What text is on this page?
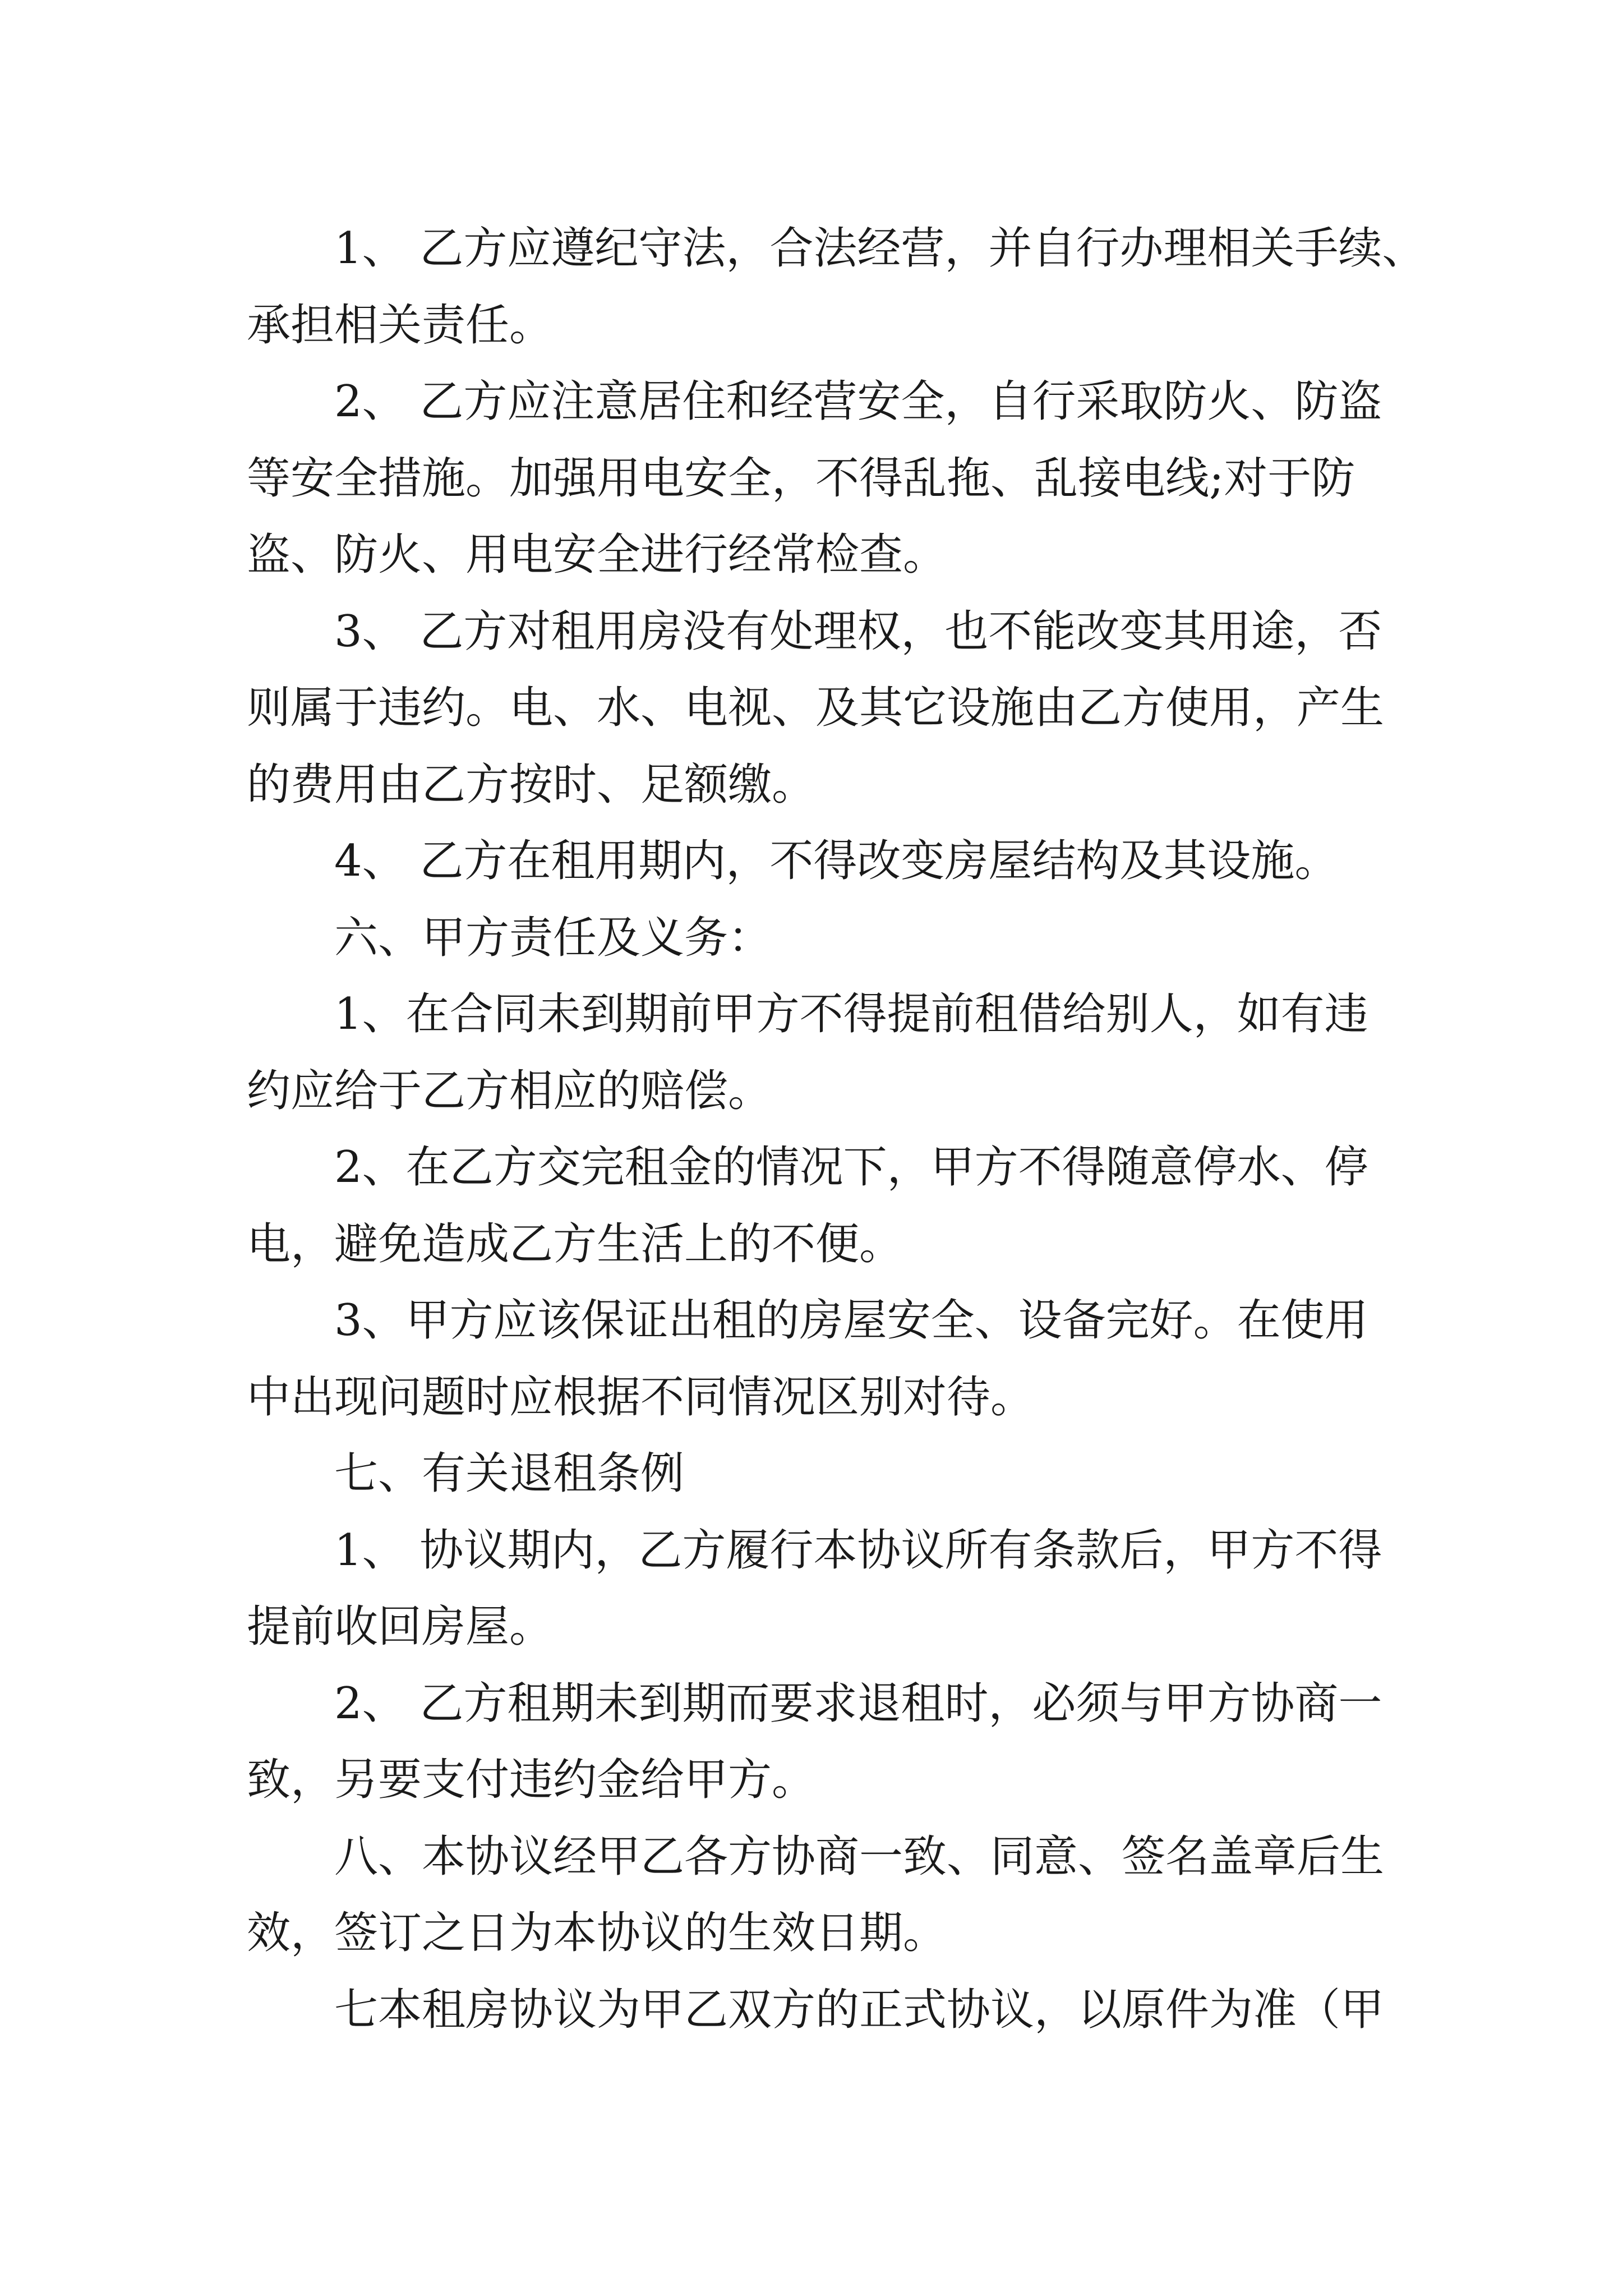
1、 乙方应遵纪守法，合法经营，并自行办理相关手续、
承担相关责任。
2、 乙方应注意居住和经营安全，自行采取防火、防盗
等安全措施。加强用电安全，不得乱拖、乱接电线;对于防
盗、防火、用电安全进行经常检查。
3、 乙方对租用房没有处理权，也不能改变其用途，否
则属于违约。电、水、电视、及其它设施由乙方使用，产生
的费用由乙方按时、足额缴。
4、 乙方在租用期内，不得改变房屋结构及其设施。
六、甲方责任及义务：
1、在合同未到期前甲方不得提前租借给别人，如有违
约应给于乙方相应的赔偿。
2、在乙方交完租金的情况下，甲方不得随意停水、停
电，避免造成乙方生活上的不便。
3、甲方应该保证出租的房屋安全、设备完好。在使用
中出现问题时应根据不同情况区别对待。
七、有关退租条例
1、 协议期内，乙方履行本协议所有条款后，甲方不得
提前收回房屋。
2、 乙方租期未到期而要求退租时，必须与甲方协商一
致，另要支付违约金给甲方。
八、本协议经甲乙各方协商一致、同意、签名盖章后生
效，签订之日为本协议的生效日期。
七本租房协议为甲乙双方的正式协议，以原件为准（甲
